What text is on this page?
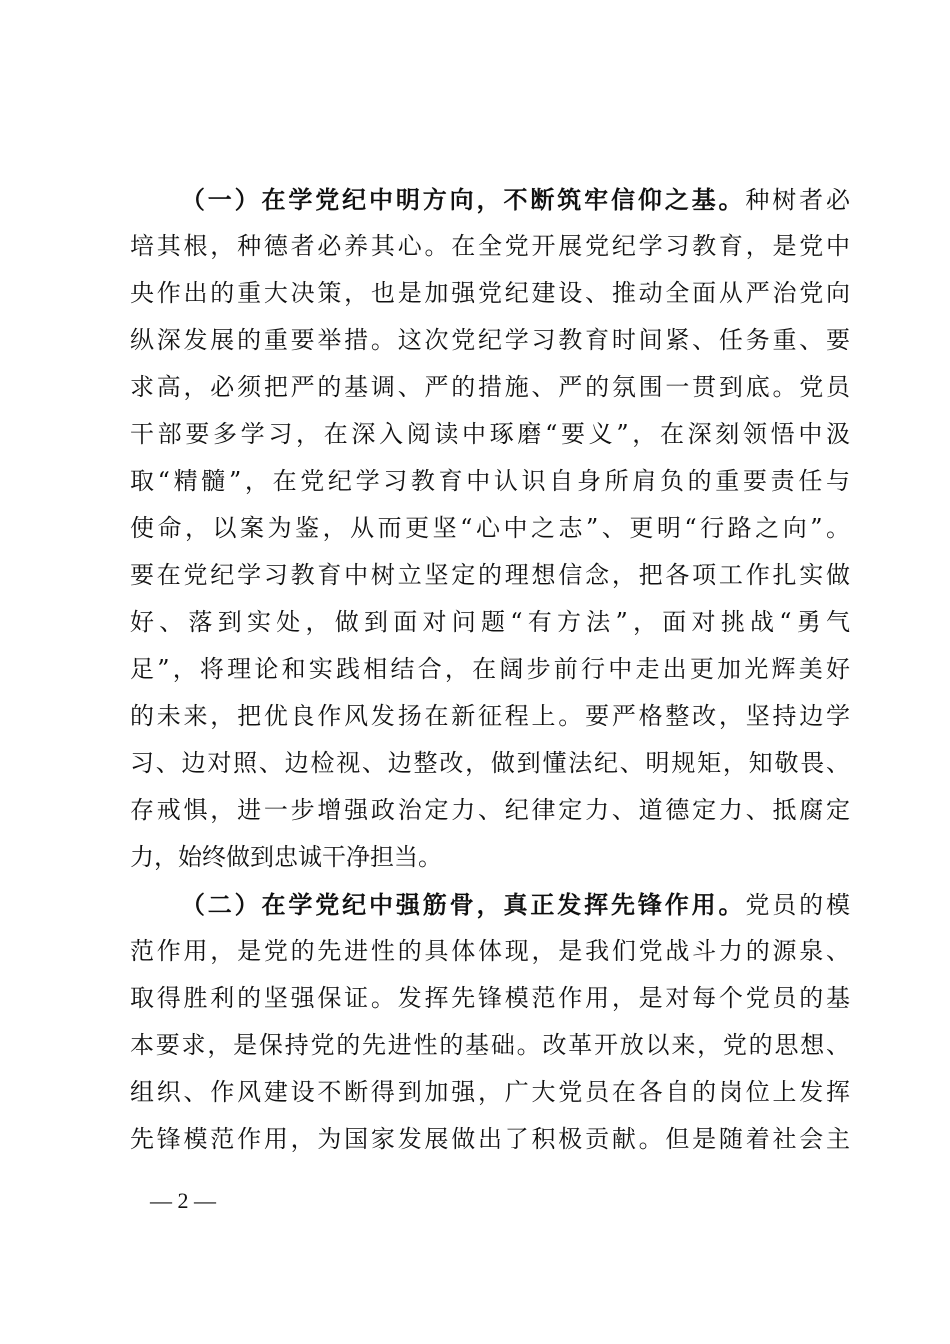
（一）在学党纪中明方向，不断筑牢信仰之基。种树者必
培其根，种德者必养其心。在全党开展党纪学习教育，是党中
央作出的重大决策，也是加强党纪建设、推动全面从严治党向
纵深发展的重要举措。这次党纪学习教育时间紧、任务重、要
求高，必须把严的基调、严的措施、严的氛围一贯到底。党员
干部要多学习，在深入阅读中琢磨“要义”，在深刻领悟中汲
取“精髓”，在党纪学习教育中认识自身所肩负的重要责任与
使命，以案为鉴，从而更坚“心中之志”、更明“行路之向”。
要在党纪学习教育中树立坚定的理想信念，把各项工作扎实做
好、落到实处，做到面对问题“有方法”，面对挑战“勇气
足”，将理论和实践相结合，在阔步前行中走出更加光辉美好
的未来，把优良作风发扬在新征程上。要严格整改，坚持边学
习、边对照、边检视、边整改，做到懂法纪、明规矩，知敬畏、
存戒惧，进一步增强政治定力、纪律定力、道德定力、抵腐定
力，始终做到忠诚干净担当。
（二）在学党纪中强筋骨，真正发挥先锋作用。党员的模
范作用，是党的先进性的具体体现，是我们党战斗力的源泉、
取得胜利的坚强保证。发挥先锋模范作用，是对每个党员的基
本要求，是保持党的先进性的基础。改革开放以来，党的思想、
组织、作风建设不断得到加强，广大党员在各自的岗位上发挥
先锋模范作用，为国家发展做出了积极贡献。但是随着社会主
— 2 —
